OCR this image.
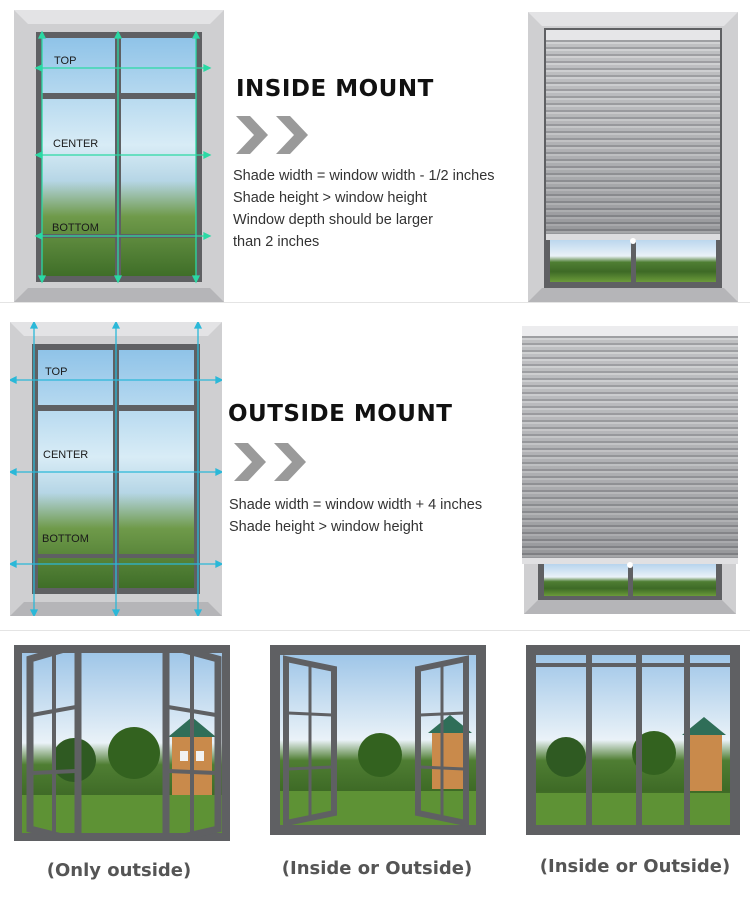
TOP
CENTER
BOTTOM
INSIDE MOUNT
Shade width = window width - 1/2 inches
Shade height > window height
Window depth should be larger
than 2 inches
TOP
CENTER
BOTTOM
OUTSIDE MOUNT
Shade width = window width + 4 inches
Shade height > window height
(Only outside)	(Inside or Outside)	(Inside or Outside)
